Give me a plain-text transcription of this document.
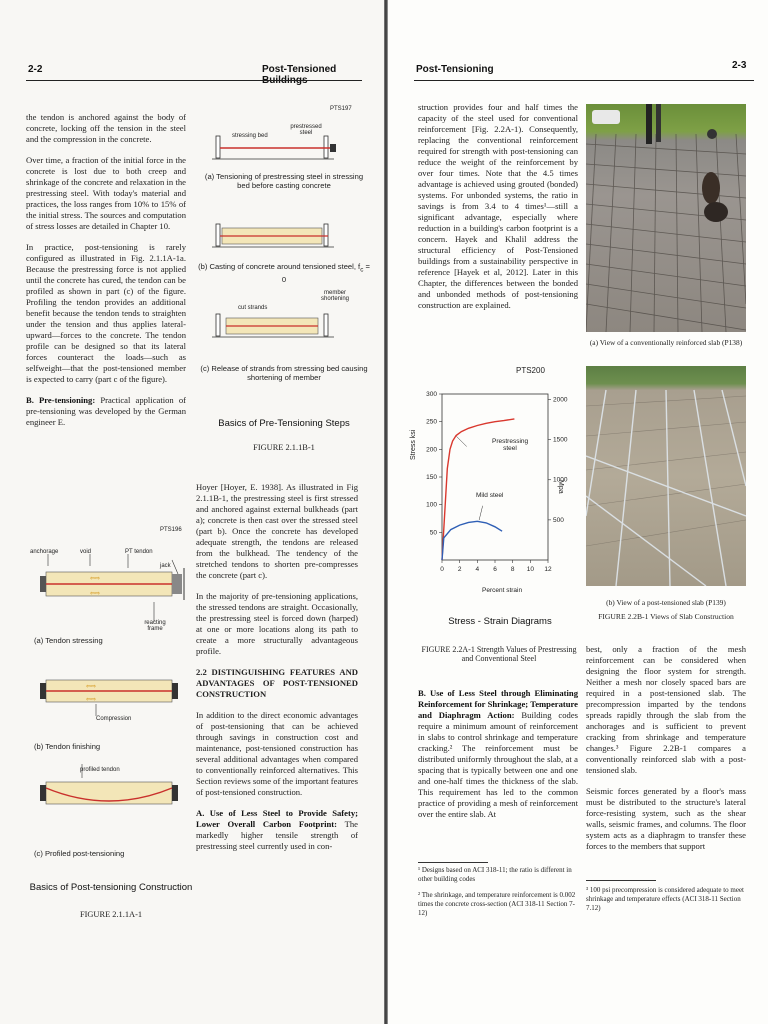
2-2	Post-Tensioned

the tendon is anchored against the body of concrete, locking off the tension in the steel and the compression in the concrete.

Over time, a fraction of the initial force in the concrete is lost due to both creep and shrinkage of the concrete and relaxation in the prestressing steel. With today's material and practices, the loss ranges from 10% to 15% of the initial stress. The sources and computation of stress losses are detailed in Chapter 10.

In practice, post-tensioning is rarely configured as illustrated in Fig. 2.1.1A-1a. Because the prestressing force is not applied until the concrete has cured, the tendon can be profiled as shown in part (c) of the figure. Profiling the tendon provides an additional benefit because the tendon tends to straighten under the tension and thus applies lateral- upward—forces to the concrete. The tendon profile can be designed so that its lateral forces counteract the loads—such as selfweight—that the post-tensioned member is expected to carry (part c of the figure).

B. Pre-tensioning: Practical application of pre-tensioning was developed by the German engineer E.

PTS196
⇦⇨
⇦⇨
⇦⇨
⇦⇨
anchorage	void	PT tendon
jack
reacting frame
(a) Tendon stressing
Compression
(b) Tendon finishing
profiled tendon
(c) Profiled post-tensioning
Basics of Post-tensioning Construction
FIGURE 2.1.1A-1
PTS197
stressing bed
prestressed steel
(a) Tensioning of prestressing steel in stressing bed before casting concrete
(b) Casting of concrete around tensioned steel, $f_c = 0$
cut strands
member shortening
(c) Release of strands from stressing bed causing shortening of member
Basics of Pre-Tensioning Steps
FIGURE 2.1.1B-1

Hoyer [Hoyer, E. 1938]. As illustrated in Fig 2.1.1B-1, the prestressing steel is first stressed and anchored against external bulkheads (part a); concrete is then cast over the stressed steel (part b). Once the concrete has developed adequate strength, the tendons are released from the bulkhead. The tendency of the stretched tendons to shorten pre-compresses the concrete (part c).

In the majority of pre-tensioning applications, the stressed tendons are straight. Occasionally, the prestressing steel is forced down (harped) at one or more locations along its path to create a more structurally advantageous profile.

2.2 DISTINGUISHING FEATURES AND ADVANTAGES OF POST-TENSIONED CONSTRUCTION

In addition to the direct economic advantages of post-tensioning that can be achieved through savings in construction cost and maintenance, post-tensioned construction has several additional advantages when compared to conventionally reinforced alternatives. This Section reviews some of the important features of post-tensioned construction.

A. Use of Less Steel to Provide Safety; Lower Overall Carbon Footprint: The markedly higher tensile strength of prestressing steel currently used in con-

Post-Tensioning	2-3

struction provides four and half times the capacity of the steel used for conventional reinforcement [Fig. 2.2A-1). Consequently, replacing the conventional reinforcement required for strength with post-tensioning can reduce the weight of the reinforcement by over four times. Note that the 4.5 times advantage is achieved using grouted (bonded) systems. For unbonded systems, the ratio in savings is from 3.4 to 4 times¹—still a significant advantage, especially where reduction in a building's carbon footprint is a concern. Hayek and Khalil address the structural efficiency of Post-Tensioned buildings from a sustainability perspective in reference [Hayek et al, 2012]. Later in this Chapter, the differences between the bonded and unbonded methods of post-tensioning construction are explained.

PTS200
0 2 4 6 8 10 12
50
100
150
200
250
300
500
1000
1500
2000
Stress ksi
Mpa
Percent strain
Prestressing steel
Mild steel
Stress - Strain Diagrams
FIGURE 2.2A-1 Strength Values of Prestressing and Conventional Steel

B. Use of Less Steel through Eliminating Reinforcement for Shrinkage; Temperature and Diaphragm Action: Building codes require a minimum amount of reinforcement in slabs to control shrinkage and temperature cracking.² The reinforcement must be distributed uniformly throughout the slab, at a spacing that is typically between one and one and one-half times the thickness of the slab. This requirement has led to the common practice of providing a mesh of reinforcement over the entire slab. At

¹ Designs based on ACI 318-11; the ratio is different in other building codes
² The shrinkage, and temperature reinforcement is 0.002 times the concrete cross-section (ACI 318-11 Section 7-12)
(a) View of a conventionally reinforced slab (P138)
(b) View of a post-tensioned slab (P139)
FIGURE 2.2B-1 Views of Slab Construction

best, only a fraction of the mesh reinforcement can be considered when designing the floor system for strength. Neither a mesh nor closely spaced bars are required in a post-tensioned slab. The precompression imparted by the tendons spreads rapidly through the slab from the anchorages and is sufficient to prevent cracking from shrinkage and temperature changes.³ Figure 2.2B-1 compares a conventionally reinforced slab with a post-tensioned slab.

Seismic forces generated by a floor's mass must be distributed to the structure's lateral force-resisting system, such as the shear walls, seismic frames, and columns. The floor system acts as a diaphragm to transfer these forces to the members that support

³ 100 psi precompression is considered adequate to meet shrinkage and temperature effects (ACI 318-11 Section 7.12)
